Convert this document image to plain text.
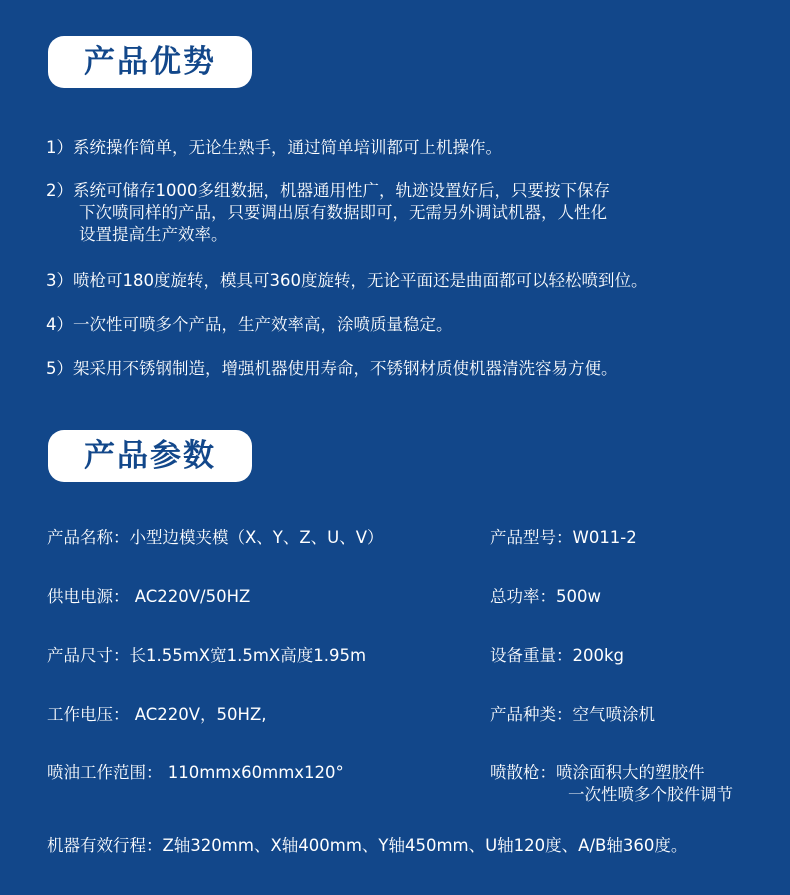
产品优势
1）系统操作简单，无论生熟手，通过简单培训都可上机操作。
2）系统可储存1000多组数据，机器通用性广，轨迹设置好后，只要按下保存
下次喷同样的产品，只要调出原有数据即可，无需另外调试机器，人性化
设置提高生产效率。
3）喷枪可180度旋转，模具可360度旋转，无论平面还是曲面都可以轻松喷到位。
4）一次性可喷多个产品，生产效率高，涂喷质量稳定。
5）架采用不锈钢制造，增强机器使用寿命，不锈钢材质使机器清洗容易方便。
产品参数
产品名称：小型边模夹模（X、Y、Z、U、V）	产品型号：W011-2
供电电源： AC220V/50HZ	总功率：500w
产品尺寸：长1.55mX宽1.5mX高度1.95m	设备重量：200kg
工作电压： AC220V，50HZ,	产品种类：空气喷涂机
喷油工作范围： 110mmx60mmx120°	喷散枪：喷涂面积大的塑胶件
一次性喷多个胶件调节
机器有效行程：Z轴320mm、X轴400mm、Y轴450mm、U轴120度、A/B轴360度。
